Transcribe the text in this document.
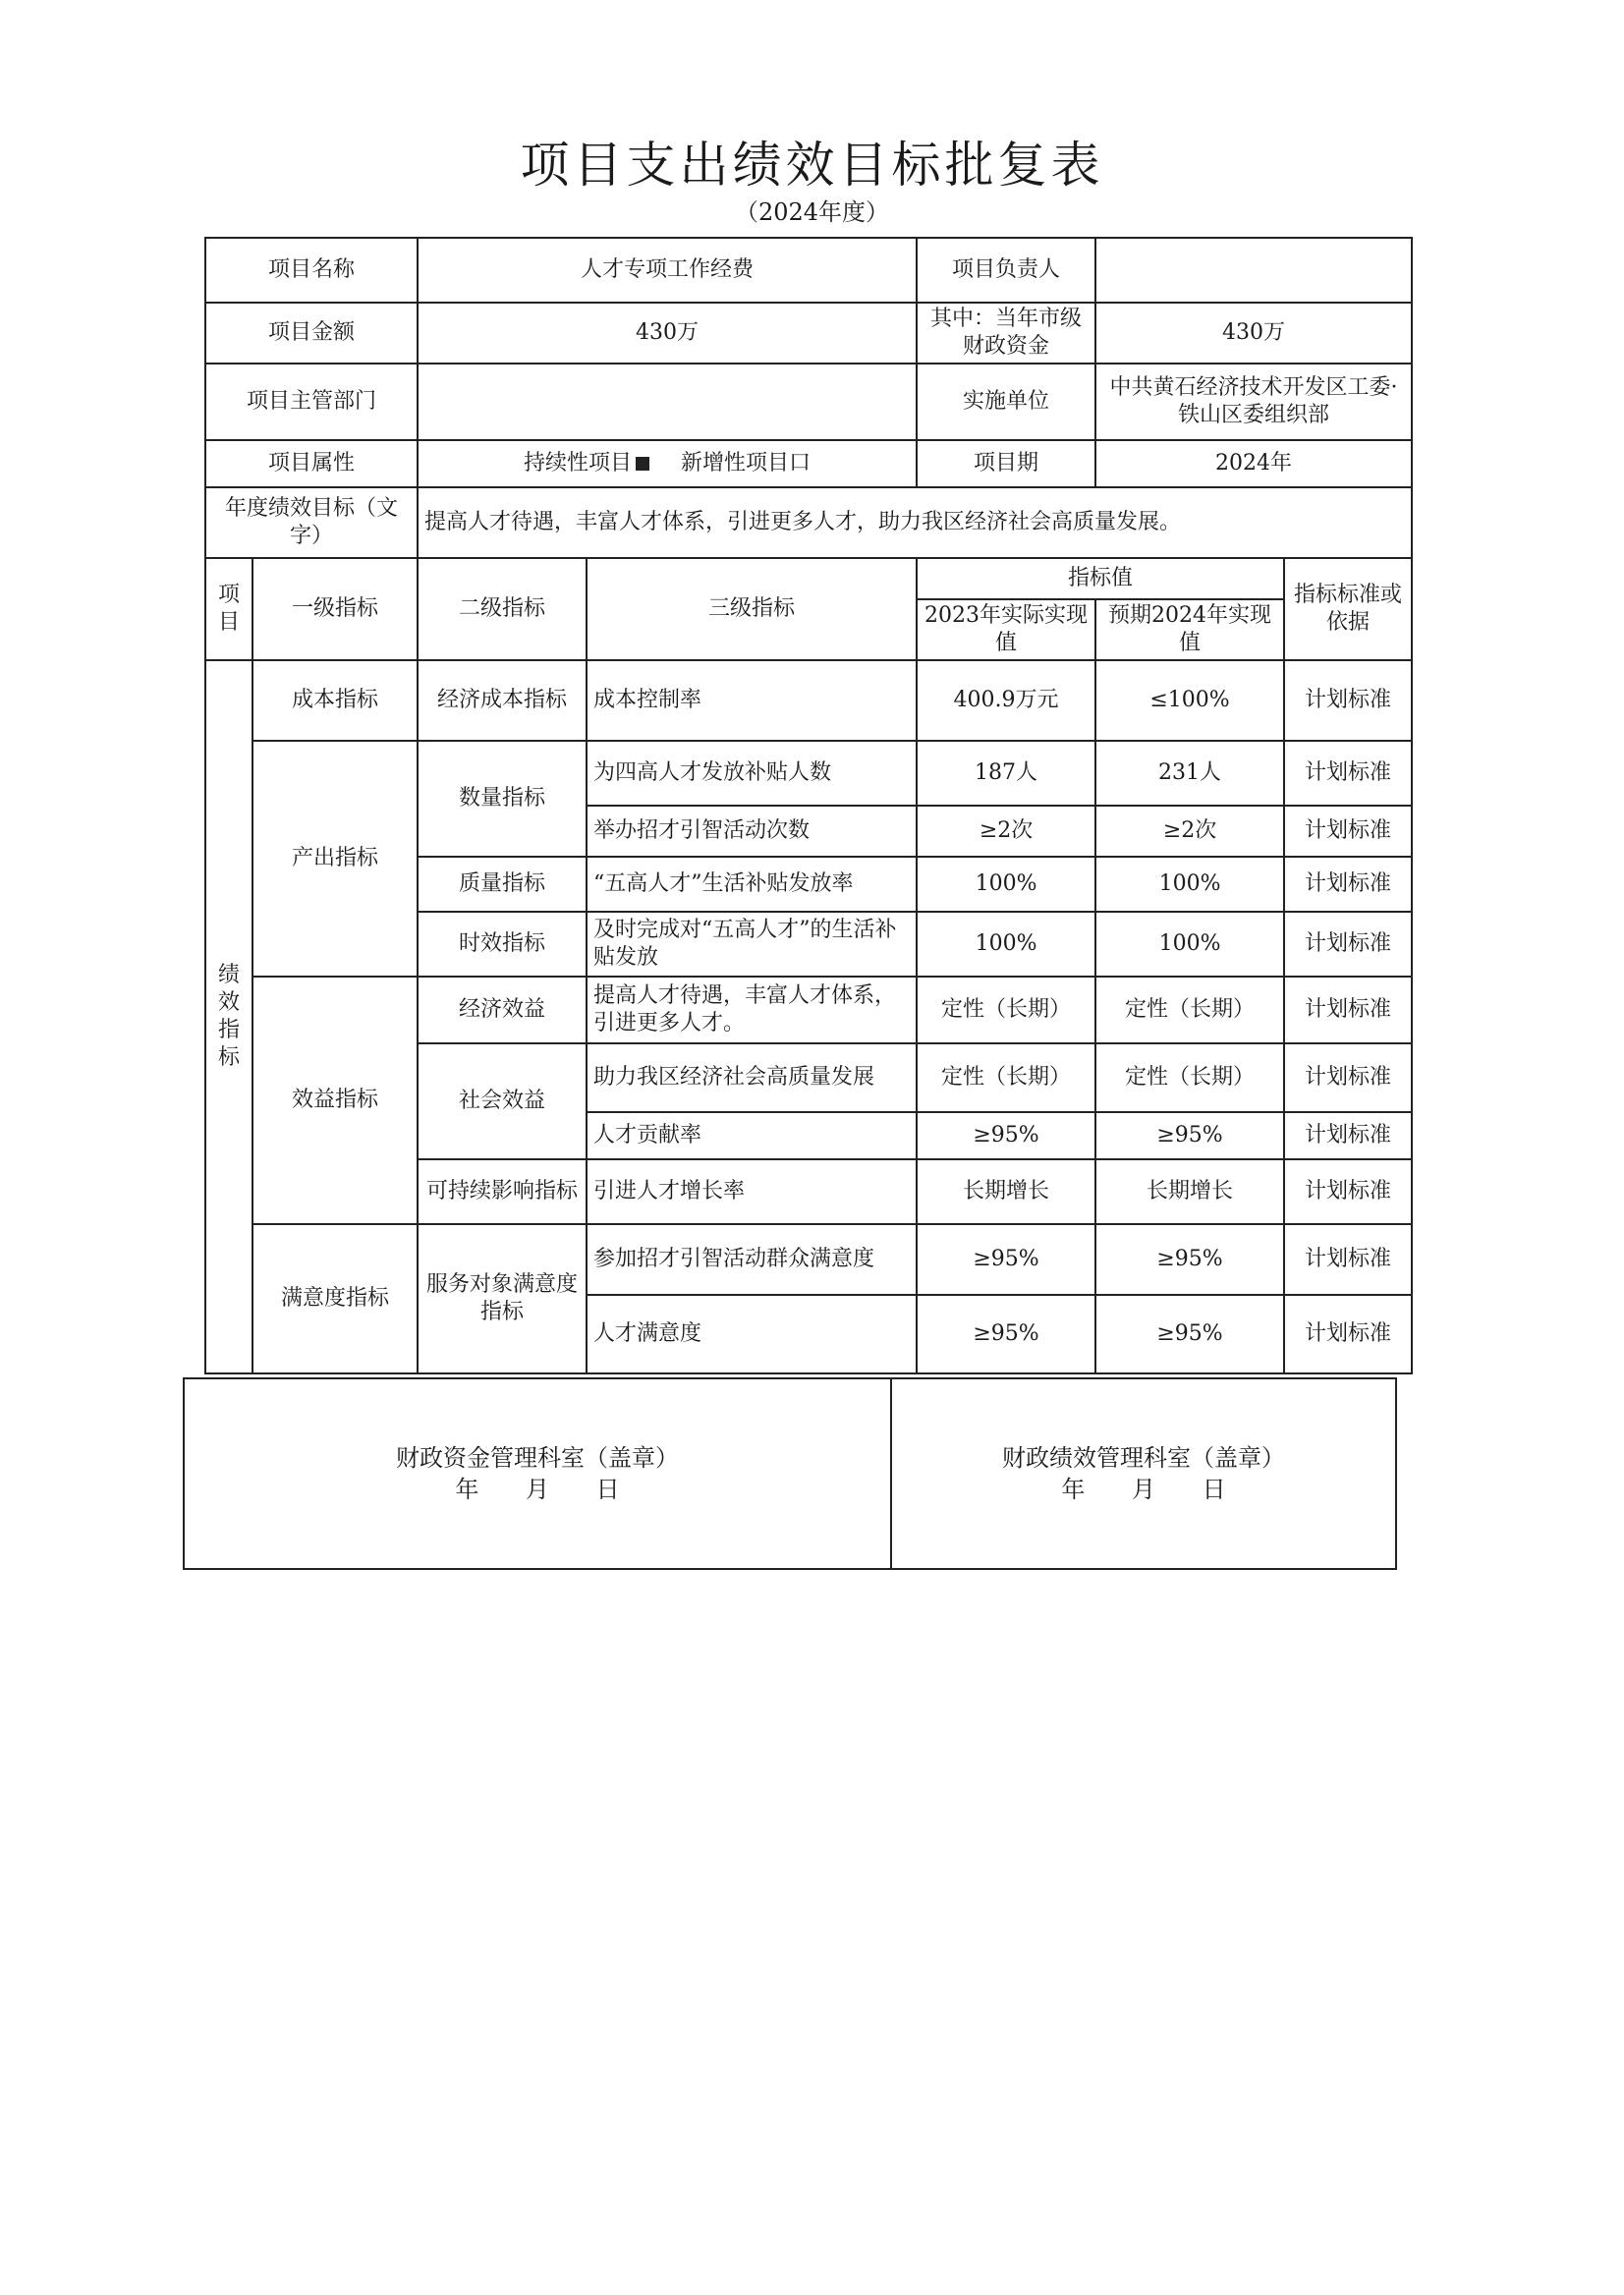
项目支出绩效目标批复表
（2024年度）
项目名称		人才专项工作经费		项目负责人		
项目金额		430万		其中：当年市级财政资金	430万	
项目主管部门				实施单位	中共黄石经济技术开发区工委·铁山区委组织部	
项目属性		持续性项目 新增性项目口		项目期	2024年	
年度绩效目标（文字）		提高人才待遇，丰富人才体系，引进更多人才，助力我区经济社会高质量发展。				
项目	一级指标	二级指标	三级指标	指标值		指标标准或依据
				2023年实际实现值	预期2024年实现值	

绩
效
指
标	成本指标	经济成本指标	成本控制率	400.9万元	≤100%	计划标准
	产出指标	数量指标	为四高人才发放补贴人数	187人	231人	计划标准
			举办招才引智活动次数	≥2次	≥2次	计划标准
		质量指标	“五高人才”生活补贴发放率	100%	100%	计划标准
		时效指标	及时完成对“五高人才”的生活补贴发放	100%	100%	计划标准
	效益指标	经济效益	提高人才待遇，丰富人才体系，引进更多人才。	定性（长期）	定性（长期）	计划标准
		社会效益	助力我区经济社会高质量发展	定性（长期）	定性（长期）	计划标准
			人才贡献率	≥95%	≥95%	计划标准
		可持续影响指标	引进人才增长率	长期增长	长期增长	计划标准
	满意度指标	服务对象满意度指标	参加招才引智活动群众满意度	≥95%	≥95%	计划标准
			人才满意度	≥95%	≥95%	计划标准
财政资金管理科室（盖章）
年 月 日

财政绩效管理科室（盖章）
年 月 日
